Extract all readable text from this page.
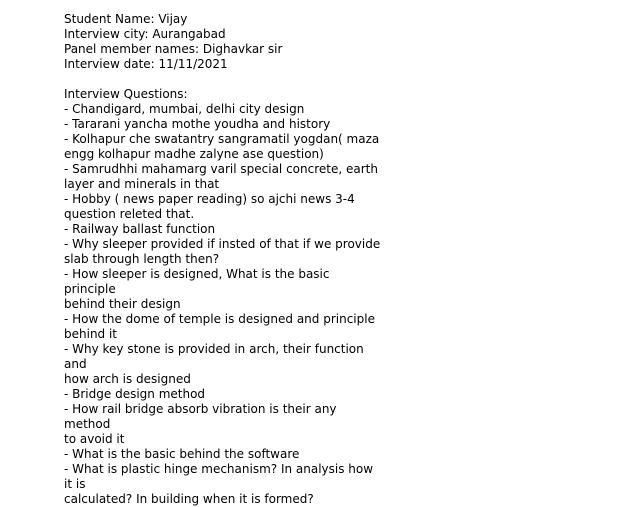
Student Name: Vijay
Interview city: Aurangabad
Panel member names: Dighavkar sir
Interview date: 11/11/2021
Interview Questions:
- Chandigard, mumbai, delhi city design
- Tararani yancha mothe youdha and history
- Kolhapur che swatantry sangramatil yogdan( maza
engg kolhapur madhe zalyne ase question)
- Samrudhhi mahamarg varil special concrete, earth
layer and minerals in that
- Hobby ( news paper reading) so ajchi news 3-4
question releted that.
- Railway ballast function
- Why sleeper provided if insted of that if we provide
slab through length then?
- How sleeper is designed, What is the basic principle
behind their design
- How the dome of temple is designed and principle
behind it
- Why key stone is provided in arch, their function and
how arch is designed
- Bridge design method
- How rail bridge absorb vibration is their any method
to avoid it
- What is the basic behind the software
- What is plastic hinge mechanism? In analysis how it is
calculated? In building when it is formed?
